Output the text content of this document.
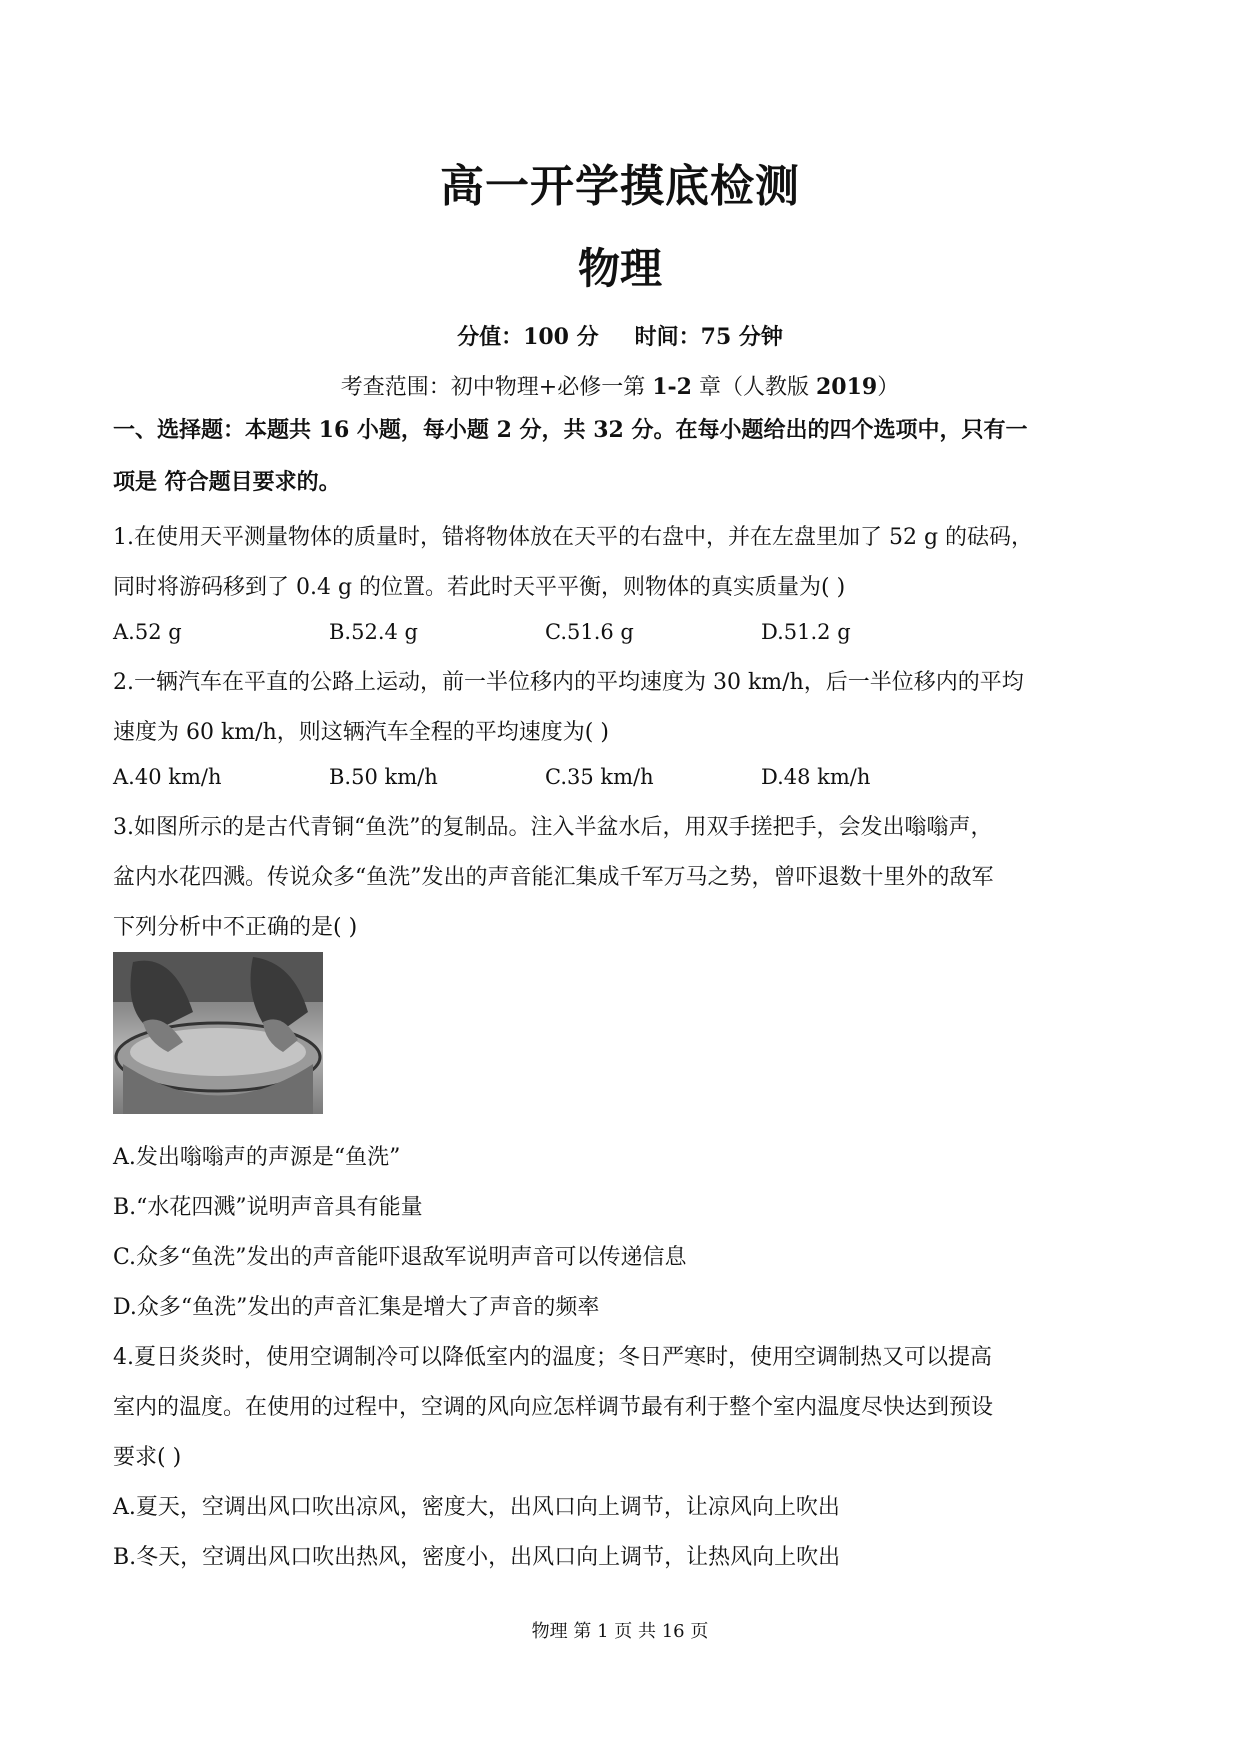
高一开学摸底检测
物理
分值：100 分 时间：75 分钟
考查范围：初中物理+必修一第 1-2 章（人教版 2019）
一、选择题：本题共 16 小题，每小题 2 分，共 32 分。在每小题给出的四个选项中，只有一
项是 符合题目要求的。
1.在使用天平测量物体的质量时，错将物体放在天平的右盘中，并在左盘里加了 52 g 的砝码，
同时将游码移到了 0.4 g 的位置。若此时天平平衡，则物体的真实质量为( )
A.52 g	B.52.4 g	C.51.6 g	D.51.2 g
2.一辆汽车在平直的公路上运动，前一半位移内的平均速度为 30 km/h，后一半位移内的平均
速度为 60 km/h，则这辆汽车全程的平均速度为( )
A.40 km/h	B.50 km/h	C.35 km/h	D.48 km/h
3.如图所示的是古代青铜“鱼洗”的复制品。注入半盆水后，用双手搓把手，会发出嗡嗡声，
盆内水花四溅。传说众多“鱼洗”发出的声音能汇集成千军万马之势，曾吓退数十里外的敌军
下列分析中不正确的是( )
A.发出嗡嗡声的声源是“鱼洗”
B.“水花四溅”说明声音具有能量
C.众多“鱼洗”发出的声音能吓退敌军说明声音可以传递信息
D.众多“鱼洗”发出的声音汇集是增大了声音的频率
4.夏日炎炎时，使用空调制冷可以降低室内的温度；冬日严寒时，使用空调制热又可以提高
室内的温度。在使用的过程中，空调的风向应怎样调节最有利于整个室内温度尽快达到预设
要求( )
A.夏天，空调出风口吹出凉风，密度大，出风口向上调节，让凉风向上吹出
B.冬天，空调出风口吹出热风，密度小，出风口向上调节，让热风向上吹出
物理 第 1 页 共 16 页
